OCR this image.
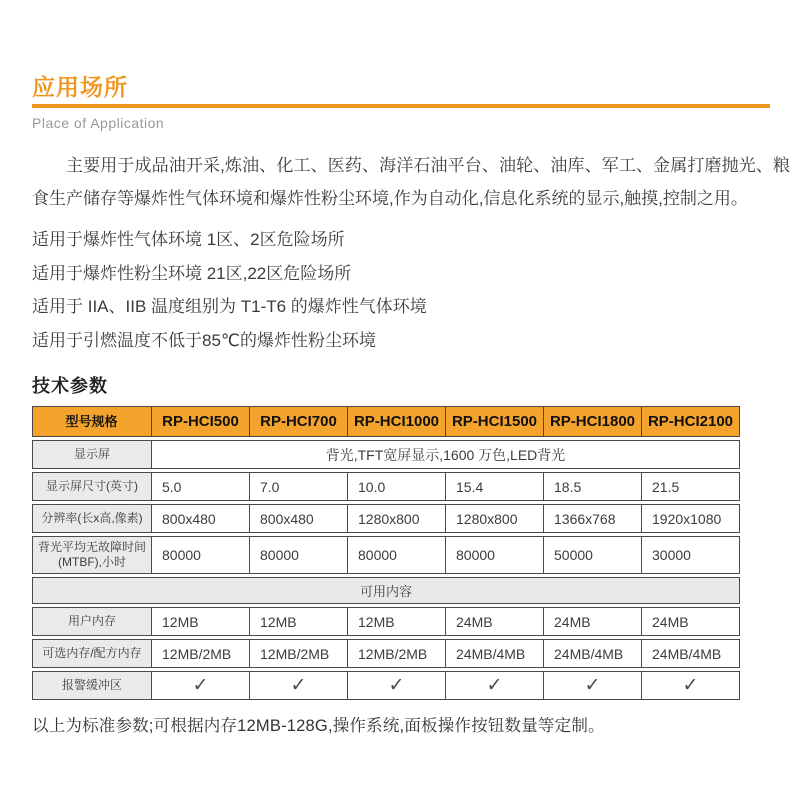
应用场所
Place of Application
主要用于成品油开采,炼油、化工、医药、海洋石油平台、油轮、油库、军工、金属打磨抛光、粮食生产储存等爆炸性气体环境和爆炸性粉尘环境,作为自动化,信息化系统的显示,触摸,控制之用。
适用于爆炸性气体环境 1区、2区危险场所
适用于爆炸性粉尘环境 21区,22区危险场所
适用于 IIA、IIB 温度组别为 T1-T6 的爆炸性气体环境
适用于引燃温度不低于85℃的爆炸性粉尘环境
技术参数
型号规格	RP-HCI500	RP-HCI700	RP-HCI1000 RP-HCI1500 RP-HCI1800 RP-HCI2100
显示屏	背光,TFT宽屏显示,1600 万色,LED背光
显示屏尺寸(英寸)	5.0	7.0	10.0	15.4	18.5	21.5
分辨率(长x高,像素)	800x480	800x480	1280x800	1280x800	1366x768	1920x1080
背光平均无故障时间 (MTBF),小时	80000	80000	80000	80000	50000	30000
可用内容
用户内存	12MB	12MB	12MB	24MB	24MB	24MB
可选内存/配方内存	12MB/2MB	12MB/2MB	12MB/2MB	24MB/4MB	24MB/4MB	24MB/4MB
报警缓冲区	✓	✓	✓	✓	✓	✓
以上为标准参数;可根据内存12MB-128G,操作系统,面板操作按钮数量等定制。
